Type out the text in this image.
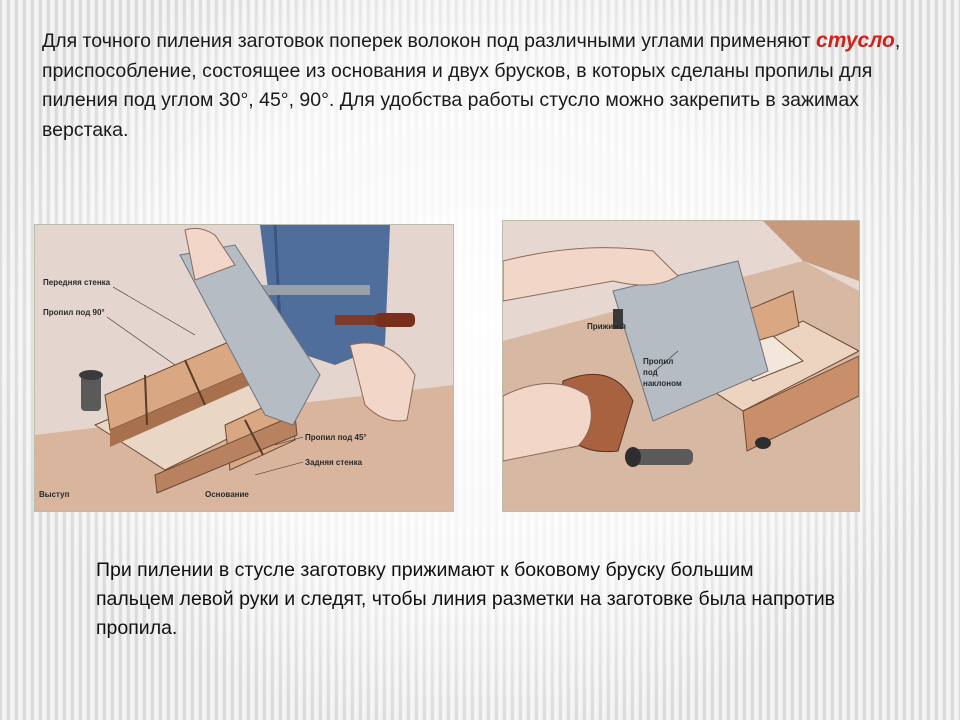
Для точного пиления заготовок поперек волокон под различными углами применяют стусло, приспособление, состоящее из основания и двух брусков, в которых сделаны пропилы для пиления под углом 30°, 45°, 90°. Для удобства работы стусло можно закрепить в зажимах верстака.

Передняя стенка
Пропил под 90°
Пропил под 45°
Задняя стенка
Выступ	Основание
Прижимы
Пропил
под
наклоном

При пилении в стусле заготовку прижимают к боковому бруску большим пальцем левой руки и следят, чтобы линия разметки на заготовке была напротив пропила.
